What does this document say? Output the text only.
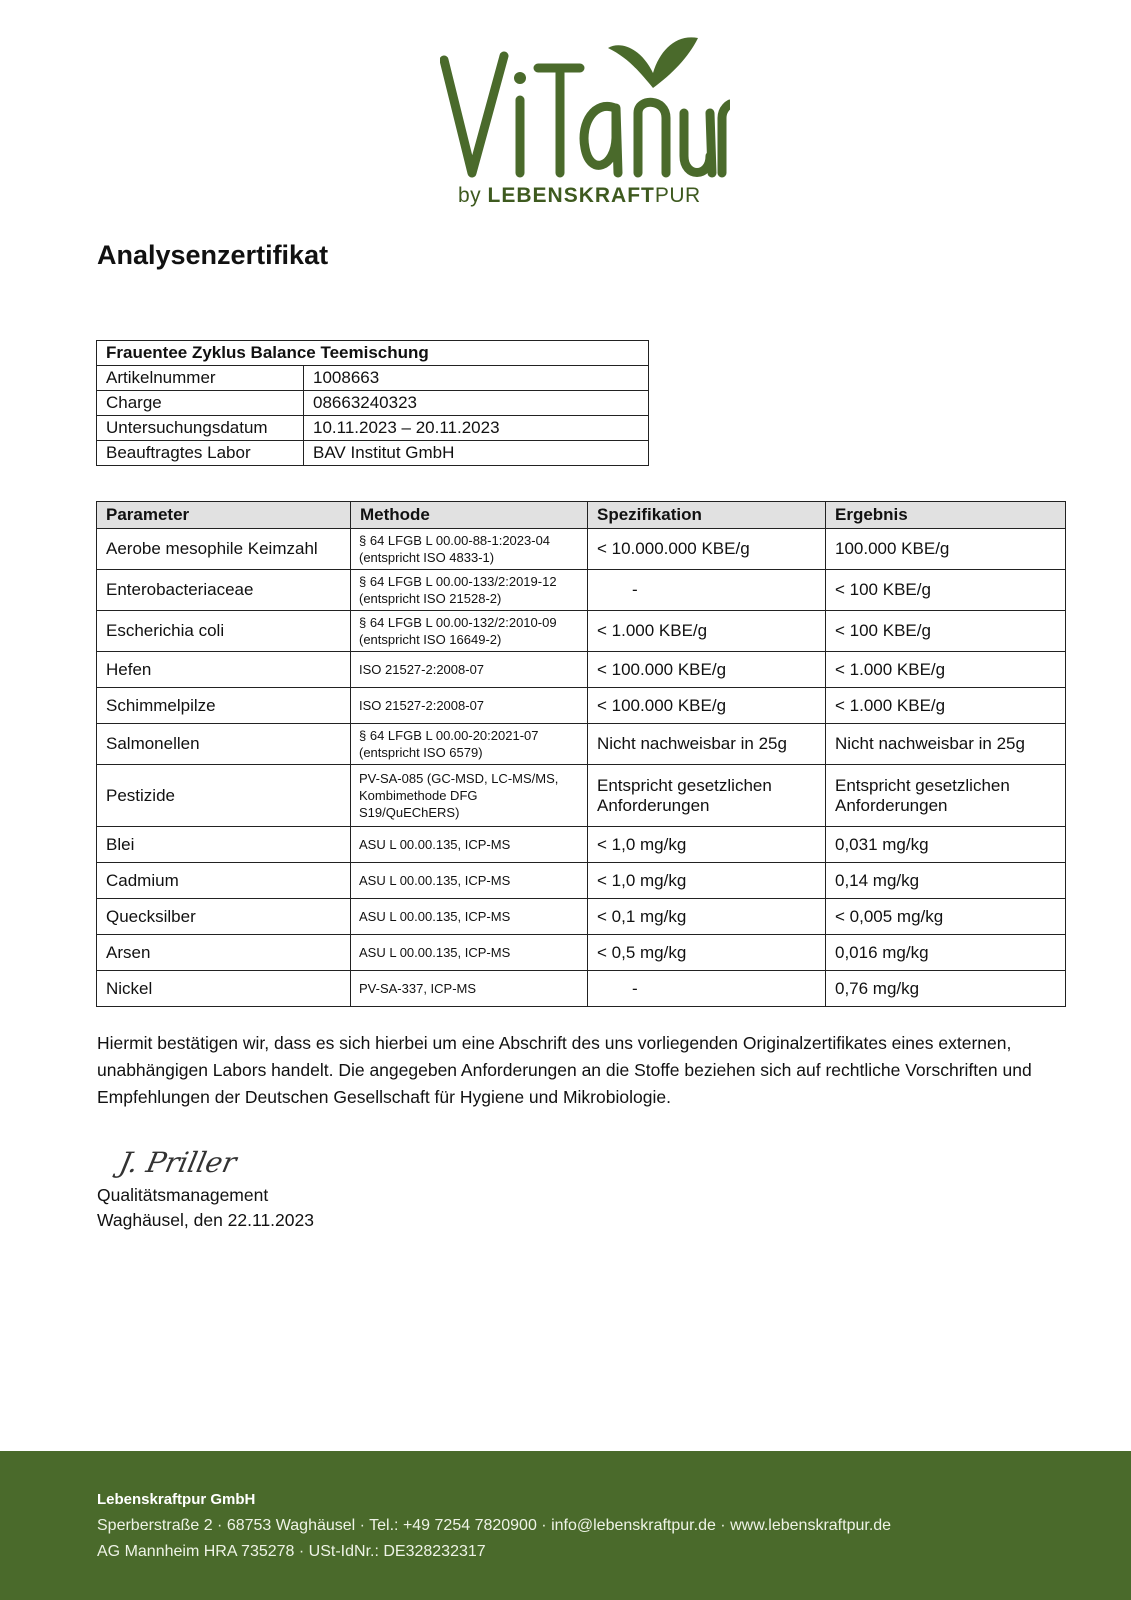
by LEBENSKRAFTPUR
Analysenzertifikat
Frauentee Zyklus Balance Teemischung	
Artikelnummer	1008663
Charge	08663240323
Untersuchungsdatum	10.11.2023 – 20.11.2023
Beauftragtes Labor	BAV Institut GmbH
Parameter	Methode	Spezifikation	Ergebnis
Aerobe mesophile Keimzahl	§ 64 LFGB L 00.00-88-1:2023-04 (entspricht ISO 4833-1)	< 10.000.000 KBE/g	100.000 KBE/g
Enterobacteriaceae	§ 64 LFGB L 00.00-133/2:2019-12 (entspricht ISO 21528-2)	-	< 100 KBE/g
Escherichia coli	§ 64 LFGB L 00.00-132/2:2010-09 (entspricht ISO 16649-2)	< 1.000 KBE/g	< 100 KBE/g
Hefen	ISO 21527-2:2008-07	< 100.000 KBE/g	< 1.000 KBE/g
Schimmelpilze	ISO 21527-2:2008-07	< 100.000 KBE/g	< 1.000 KBE/g
Salmonellen	§ 64 LFGB L 00.00-20:2021-07 (entspricht ISO 6579)	Nicht nachweisbar in 25g	Nicht nachweisbar in 25g
Pestizide	PV-SA-085 (GC-MSD, LC-MS/MS, Kombimethode DFG S19/QuEChERS)	Entspricht gesetzlichen Anforderungen	Entspricht gesetzlichen Anforderungen
Blei	ASU L 00.00.135, ICP-MS	< 1,0 mg/kg	0,031 mg/kg
Cadmium	ASU L 00.00.135, ICP-MS	< 1,0 mg/kg	0,14 mg/kg
Quecksilber	ASU L 00.00.135, ICP-MS	< 0,1 mg/kg	< 0,005 mg/kg
Arsen	ASU L 00.00.135, ICP-MS	< 0,5 mg/kg	0,016 mg/kg
Nickel	PV-SA-337, ICP-MS	-	0,76 mg/kg

Hiermit bestätigen wir, dass es sich hierbei um eine Abschrift des uns vorliegenden Originalzertifikates eines externen, unabhängigen Labors handelt. Die angegeben Anforderungen an die Stoffe beziehen sich auf rechtliche Vorschriften und Empfehlungen der Deutschen Gesellschaft für Hygiene und Mikrobiologie.

J. Priller
Qualitätsmanagement
Waghäusel, den 22.11.2023
Lebenskraftpur GmbH
Sperberstraße 2 · 68753 Waghäusel · Tel.: +49 7254 7820900 · info@lebenskraftpur.de · www.lebenskraftpur.de
AG Mannheim HRA 735278 · USt-IdNr.: DE328232317
